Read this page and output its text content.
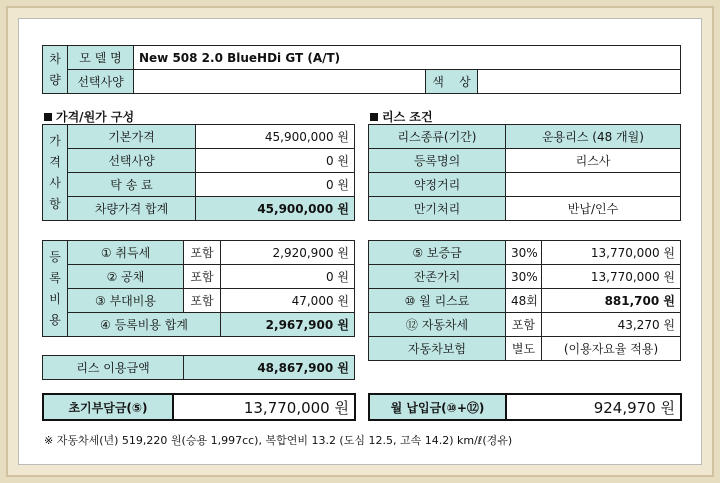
차
량	모 델 명	New 508 2.0 BlueHDi GT (A/T)		
	선택사양		색    상	
가격/원가 구성	리스 조건
가
격
사
항	기본가격	45,900,000 원
	선택사양	0 원
	탁 송 료	0 원
	차량가격 합계	45,900,000 원
등
록
비
용	① 취득세	포함	2,920,900 원
	② 공채	포함	0 원
	③ 부대비용	포함	47,000 원
	④ 등록비용 합계		2,967,900 원
리스 이용금액	48,867,900 원
초기부담금(⑤)	13,770,000 원
리스종류(기간)	운용리스 (48 개월)
등록명의	리스사
약정거리	
만기처리	반납/인수
⑤ 보증금	30%	13,770,000 원
잔존가치	30%	13,770,000 원
⑩ 월 리스료	48회	881,700 원
⑫ 자동차세	포함	43,270 원
자동차보험	별도	(이용자요율 적용)
월 납입금(⑩+⑫)	924,970 원
※ 자동차세(년) 519,220 원(승용 1,997cc), 복합연비 13.2 (도심 12.5, 고속 14.2) km/ℓ(경유)
